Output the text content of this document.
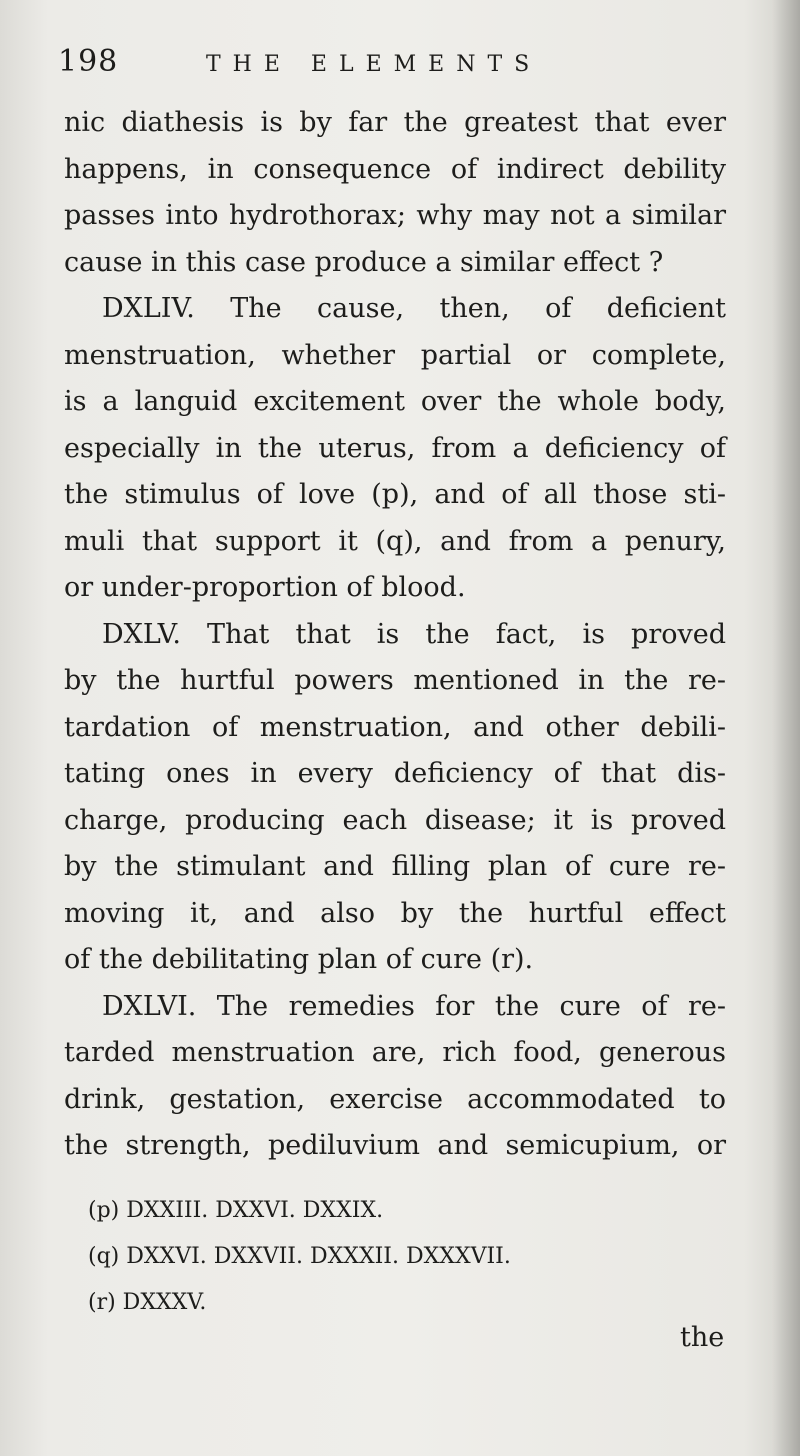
198	THE ELEMENTS
nic diathesis is by far the greatest that ever
happens, in consequence of indirect debility
passes into hydrothorax; why may not a similar
cause in this case produce a similar effect ?
DXLIV. The cause, then, of deficient
menstruation, whether partial or complete,
is a languid excitement over the whole body,
especially in the uterus, from a deficiency of
the stimulus of love (p), and of all those sti-
muli that support it (q), and from a penury,
or under-proportion of blood.
DXLV. That that is the fact, is proved
by the hurtful powers mentioned in the re-
tardation of menstruation, and other debili-
tating ones in every deficiency of that dis-
charge, producing each disease; it is proved
by the stimulant and filling plan of cure re-
moving it, and also by the hurtful effect
of the debilitating plan of cure (r).
DXLVI. The remedies for the cure of re-
tarded menstruation are, rich food, generous
drink, gestation, exercise accommodated to
the strength, pediluvium and semicupium, or
(p) DXXIII. DXXVI. DXXIX.
(q) DXXVI. DXXVII. DXXXII. DXXXVII.
(r) DXXXV.
the
